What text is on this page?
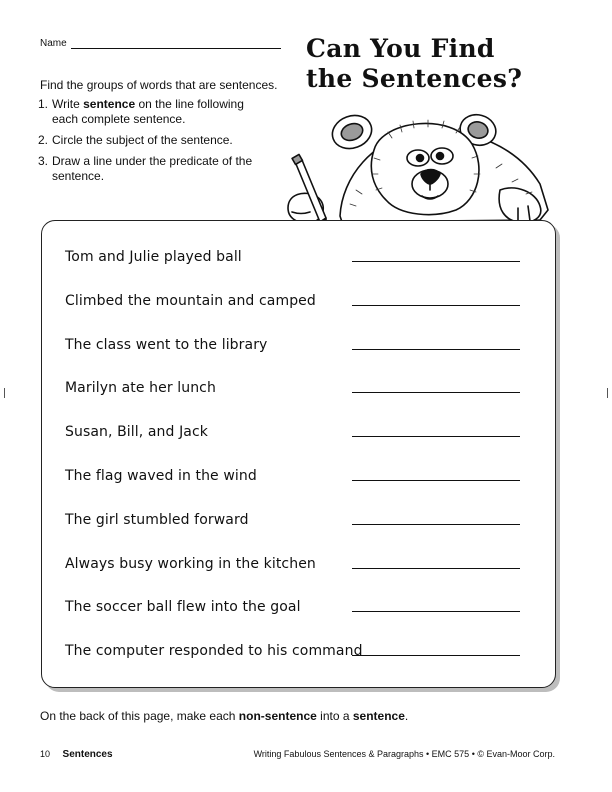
Name	Can You Find
the Sentences?

Find the groups of words that are sentences.

1. Write sentence on the line following each complete sentence.
2. Circle the subject of the sentence.
3. Draw a line under the predicate of the sentence.
Tom and Julie played ball
Climbed the mountain and camped
The class went to the library
Marilyn ate her lunch
Susan, Bill, and Jack
The flag waved in the wind
The girl stumbled forward
Always busy working in the kitchen
The soccer ball flew into the goal
The computer responded to his command

On the back of this page, make each non-sentence into a sentence.

10 Sentences	Writing Fabulous Sentences & Paragraphs • EMC 575 • © Evan-Moor Corp.
